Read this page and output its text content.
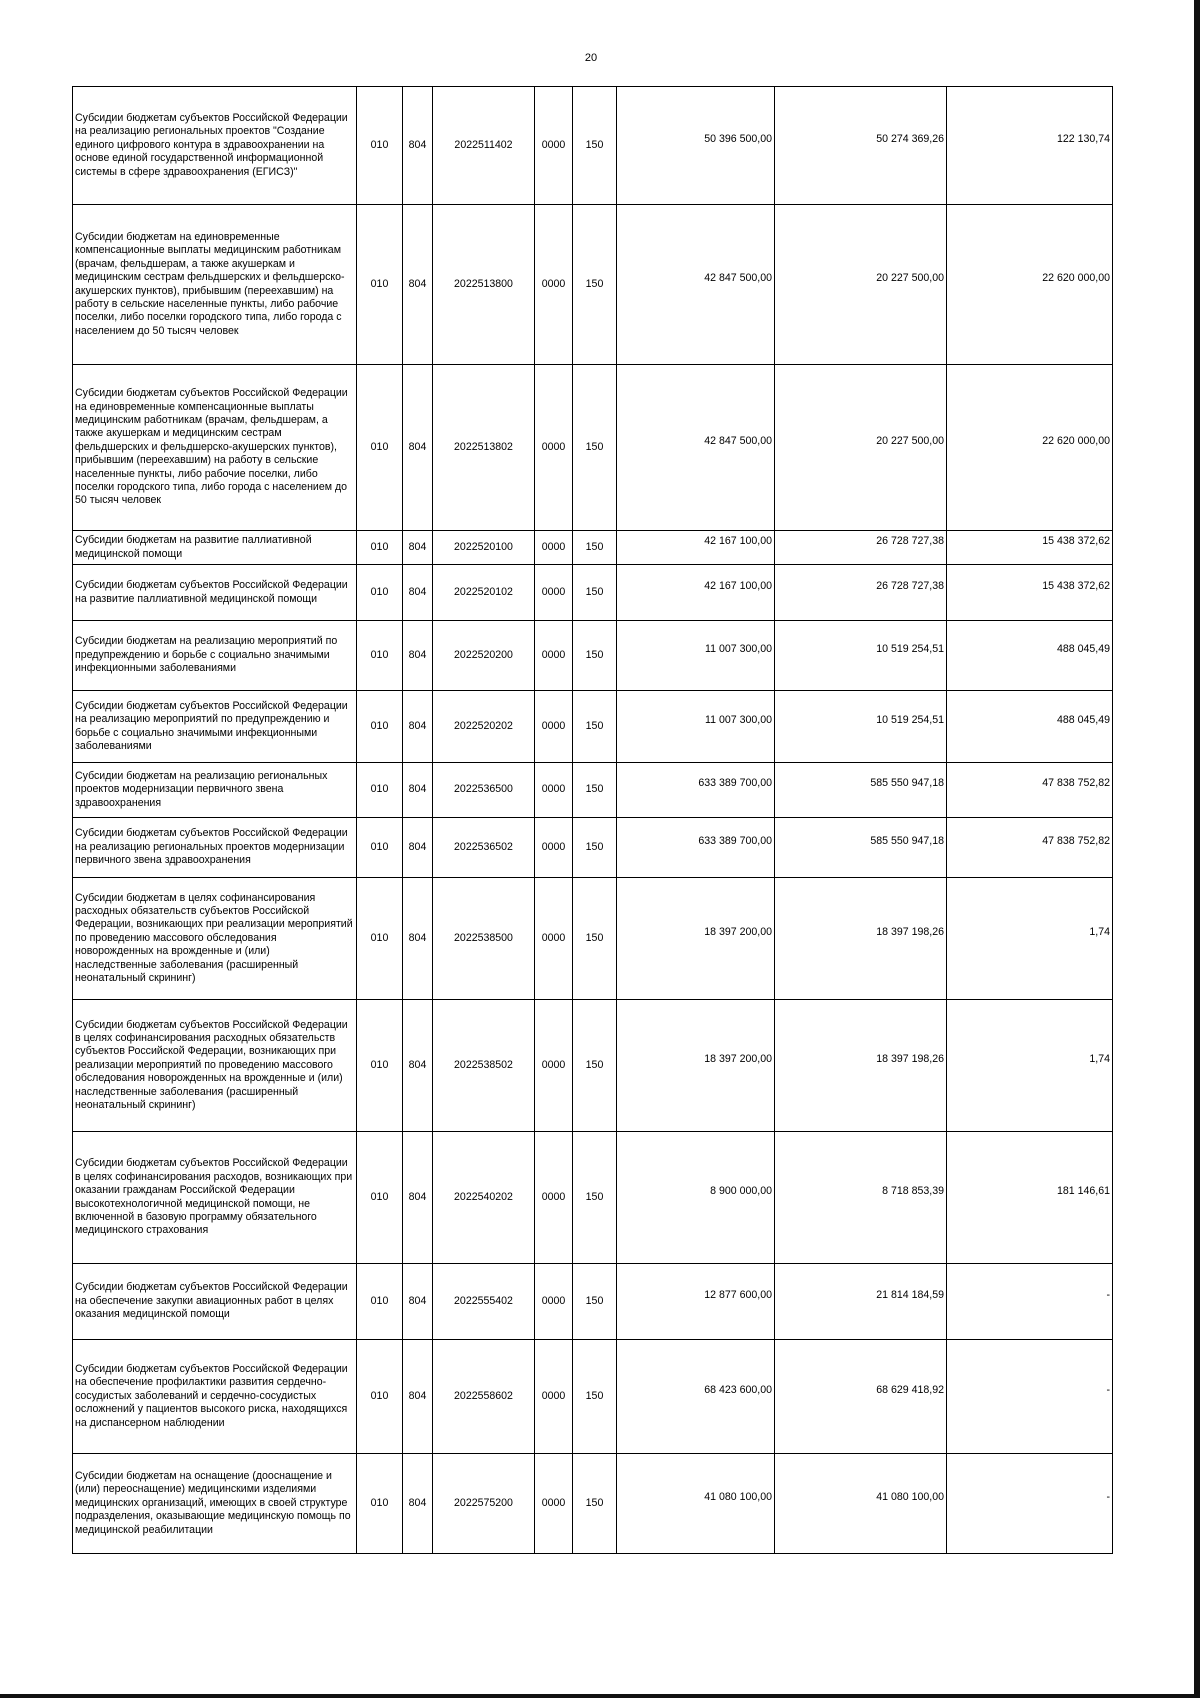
20
Субсидии бюджетам субъектов Российской Федерации на реализацию региональных проектов "Создание единого цифрового контура в здравоохранении на основе единой государственной информационной системы в сфере здравоохранения (ЕГИСЗ)"	010	804	2022511402	0000	150	50 396 500,00	50 274 369,26	122 130,74
Субсидии бюджетам на единовременные компенсационные выплаты медицинским работникам (врачам, фельдшерам, а также акушеркам и медицинским сестрам фельдшерских и фельдшерско-акушерских пунктов), прибывшим (переехавшим) на работу в сельские населенные пункты, либо рабочие поселки, либо поселки городского типа, либо города с населением до 50 тысяч человек	010	804	2022513800	0000	150	42 847 500,00	20 227 500,00	22 620 000,00
Субсидии бюджетам субъектов Российской Федерации на единовременные компенсационные выплаты медицинским работникам (врачам, фельдшерам, а также акушеркам и медицинским сестрам фельдшерских и фельдшерско-акушерских пунктов), прибывшим (переехавшим) на работу в сельские населенные пункты, либо рабочие поселки, либо поселки городского типа, либо города с населением до 50 тысяч человек	010	804	2022513802	0000	150	42 847 500,00	20 227 500,00	22 620 000,00
Субсидии бюджетам на развитие паллиативной медицинской помощи	010	804	2022520100	0000	150	42 167 100,00	26 728 727,38	15 438 372,62
Субсидии бюджетам субъектов Российской Федерации на развитие паллиативной медицинской помощи	010	804	2022520102	0000	150	42 167 100,00	26 728 727,38	15 438 372,62
Субсидии бюджетам на реализацию мероприятий по предупреждению и борьбе с социально значимыми инфекционными заболеваниями	010	804	2022520200	0000	150	11 007 300,00	10 519 254,51	488 045,49
Субсидии бюджетам субъектов Российской Федерации на реализацию мероприятий по предупреждению и борьбе с социально значимыми инфекционными заболеваниями	010	804	2022520202	0000	150	11 007 300,00	10 519 254,51	488 045,49
Субсидии бюджетам на реализацию региональных проектов модернизации первичного звена здравоохранения	010	804	2022536500	0000	150	633 389 700,00	585 550 947,18	47 838 752,82
Субсидии бюджетам субъектов Российской Федерации на реализацию региональных проектов модернизации первичного звена здравоохранения	010	804	2022536502	0000	150	633 389 700,00	585 550 947,18	47 838 752,82
Субсидии бюджетам в целях софинансирования расходных обязательств субъектов Российской Федерации, возникающих при реализации мероприятий по проведению массового обследования новорожденных на врожденные и (или) наследственные заболевания (расширенный неонатальный скрининг)	010	804	2022538500	0000	150	18 397 200,00	18 397 198,26	1,74
Субсидии бюджетам субъектов Российской Федерации в целях софинансирования расходных обязательств субъектов Российской Федерации, возникающих при реализации мероприятий по проведению массового обследования новорожденных на врожденные и (или) наследственные заболевания (расширенный неонатальный скрининг)	010	804	2022538502	0000	150	18 397 200,00	18 397 198,26	1,74
Субсидии бюджетам субъектов Российской Федерации в целях софинансирования расходов, возникающих при оказании гражданам Российской Федерации высокотехнологичной медицинской помощи, не включенной в базовую программу обязательного медицинского страхования	010	804	2022540202	0000	150	8 900 000,00	8 718 853,39	181 146,61
Субсидии бюджетам субъектов Российской Федерации на обеспечение закупки авиационных работ в целях оказания медицинской помощи	010	804	2022555402	0000	150	12 877 600,00	21 814 184,59	-
Субсидии бюджетам субъектов Российской Федерации на обеспечение профилактики развития сердечно-сосудистых заболеваний и сердечно-сосудистых осложнений у пациентов высокого риска, находящихся на диспансерном наблюдении	010	804	2022558602	0000	150	68 423 600,00	68 629 418,92	-
Субсидии бюджетам на оснащение (дооснащение и (или) переоснащение) медицинскими изделиями медицинских организаций, имеющих в своей структуре подразделения, оказывающие медицинскую помощь по медицинской реабилитации	010	804	2022575200	0000	150	41 080 100,00	41 080 100,00	-
